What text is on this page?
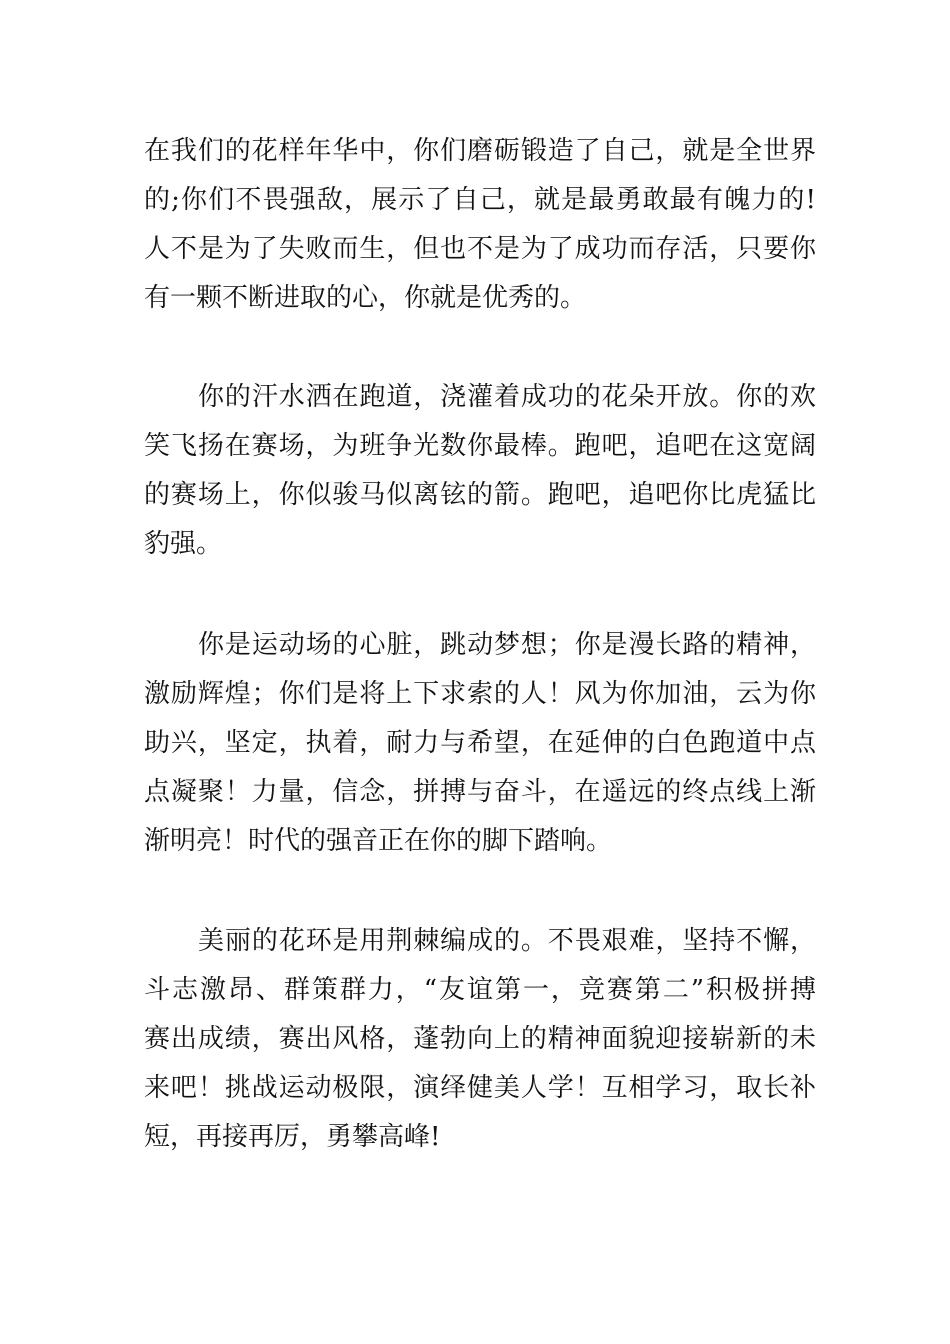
在我们的花样年华中，你们磨砺锻造了自己，就是全世界
的;你们不畏强敌，展示了自己，就是最勇敢最有魄力的!
人不是为了失败而生，但也不是为了成功而存活，只要你
有一颗不断进取的心，你就是优秀的。
你的汗水洒在跑道，浇灌着成功的花朵开放。你的欢
笑飞扬在赛场，为班争光数你最棒。跑吧，追吧在这宽阔
的赛场上，你似骏马似离铉的箭。跑吧，追吧你比虎猛比
豹强。
你是运动场的心脏，跳动梦想；你是漫长路的精神，
激励辉煌；你们是将上下求索的人！风为你加油，云为你
助兴，坚定，执着，耐力与希望，在延伸的白色跑道中点
点凝聚！力量，信念，拼搏与奋斗，在遥远的终点线上渐
渐明亮！时代的强音正在你的脚下踏响。
美丽的花环是用荆棘编成的。不畏艰难，坚持不懈，
斗志激昂、群策群力，“友谊第一，竞赛第二”积极拼搏
赛出成绩，赛出风格，蓬勃向上的精神面貌迎接崭新的未
来吧！挑战运动极限，演绎健美人学！互相学习，取长补
短，再接再厉，勇攀高峰!
